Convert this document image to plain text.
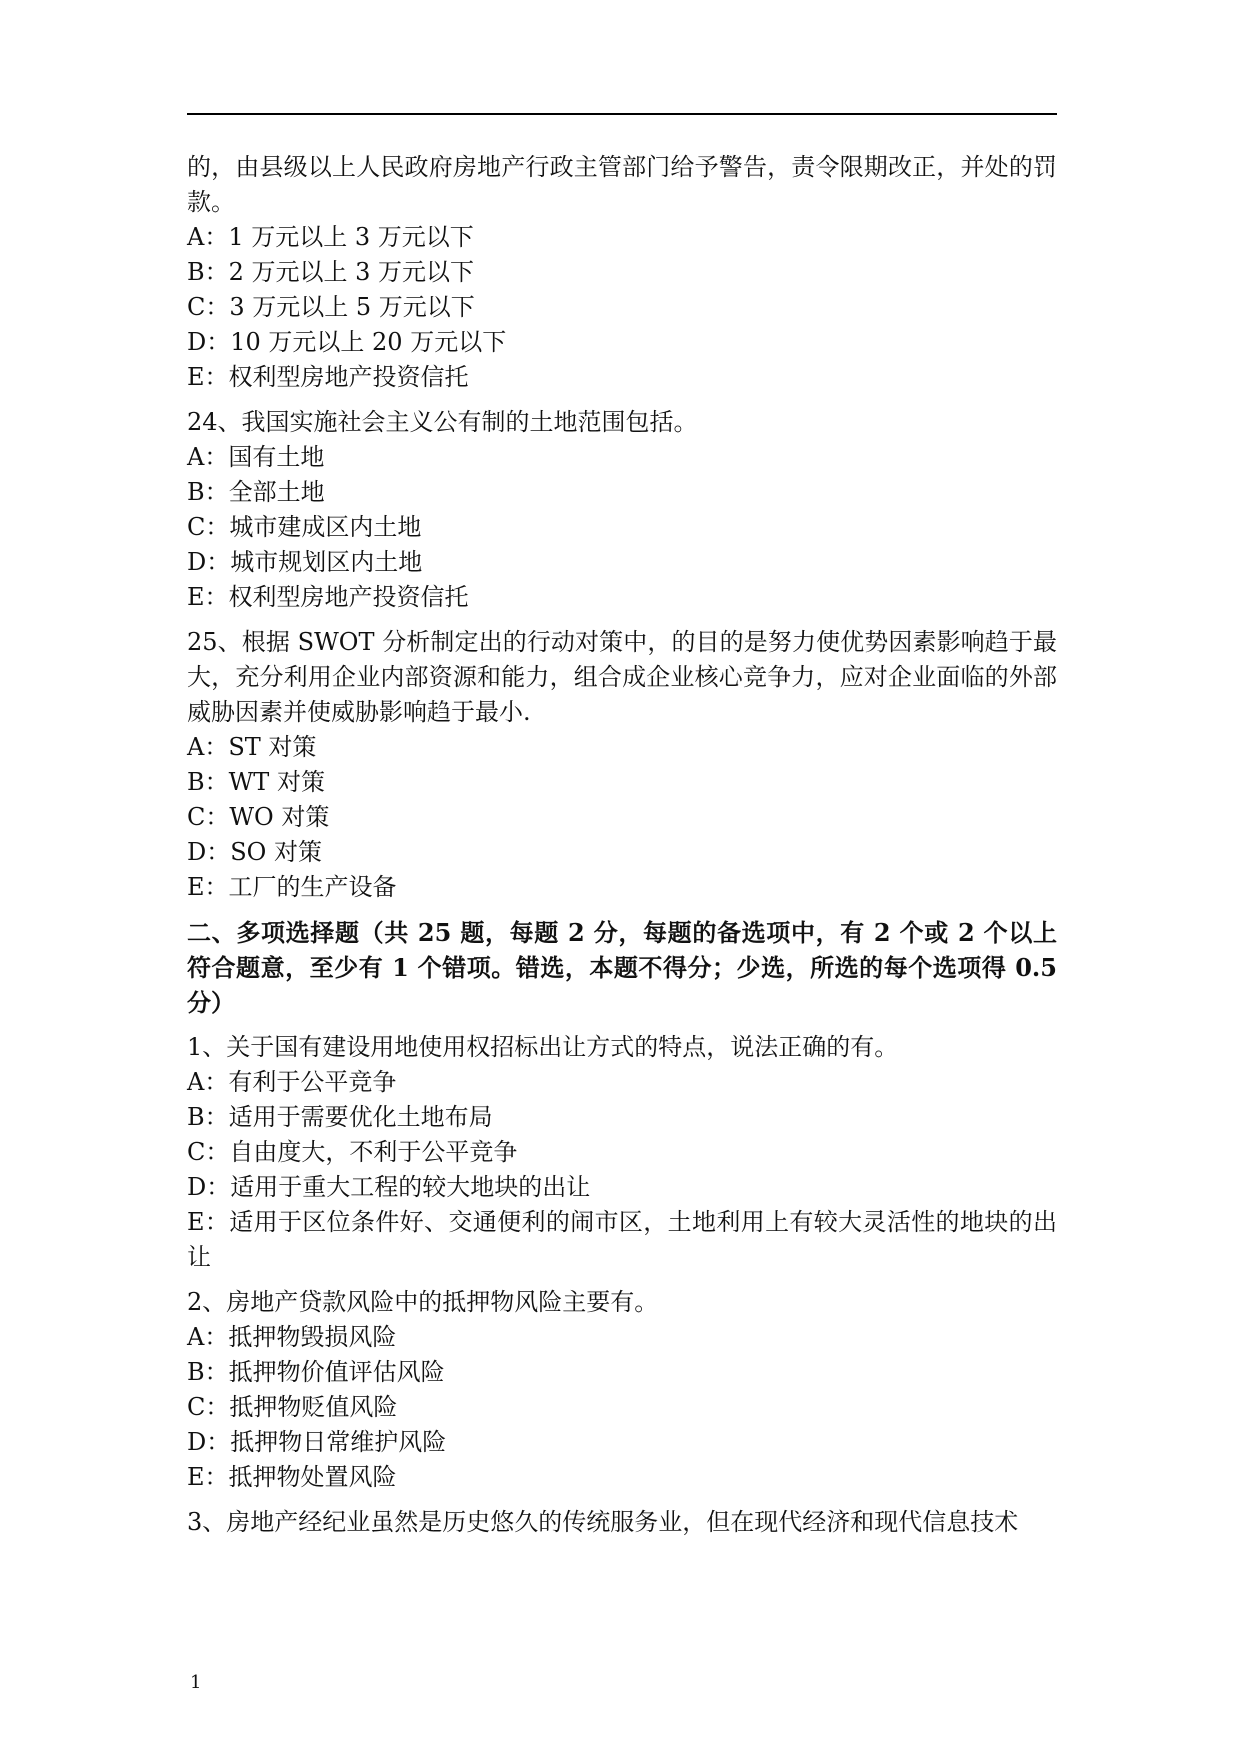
的，由县级以上人民政府房地产行政主管部门给予警告，责令限期改正，并处的罚款。

A：1 万元以上 3 万元以下

B：2 万元以上 3 万元以下

C：3 万元以上 5 万元以下

D：10 万元以上 20 万元以下

E：权利型房地产投资信托

24、我国实施社会主义公有制的土地范围包括。

A：国有土地

B：全部土地

C：城市建成区内土地

D：城市规划区内土地

E：权利型房地产投资信托

25、根据 SWOT 分析制定出的行动对策中，的目的是努力使优势因素影响趋于最大，充分利用企业内部资源和能力，组合成企业核心竞争力，应对企业面临的外部威胁因素并使威胁影响趋于最小.

A：ST 对策

B：WT 对策

C：WO 对策

D：SO 对策

E：工厂的生产设备

二、多项选择题（共 25 题，每题 2 分，每题的备选项中，有 2 个或 2 个以上符合题意，至少有 1 个错项。错选，本题不得分；少选，所选的每个选项得 0.5 分）

1、关于国有建设用地使用权招标出让方式的特点，说法正确的有。

A：有利于公平竞争

B：适用于需要优化土地布局

C：自由度大，不利于公平竞争

D：适用于重大工程的较大地块的出让

E：适用于区位条件好、交通便利的闹市区，土地利用上有较大灵活性的地块的出让

2、房地产贷款风险中的抵押物风险主要有。

A：抵押物毁损风险

B：抵押物价值评估风险

C：抵押物贬值风险

D：抵押物日常维护风险

E：抵押物处置风险

3、房地产经纪业虽然是历史悠久的传统服务业，但在现代经济和现代信息技术

1
